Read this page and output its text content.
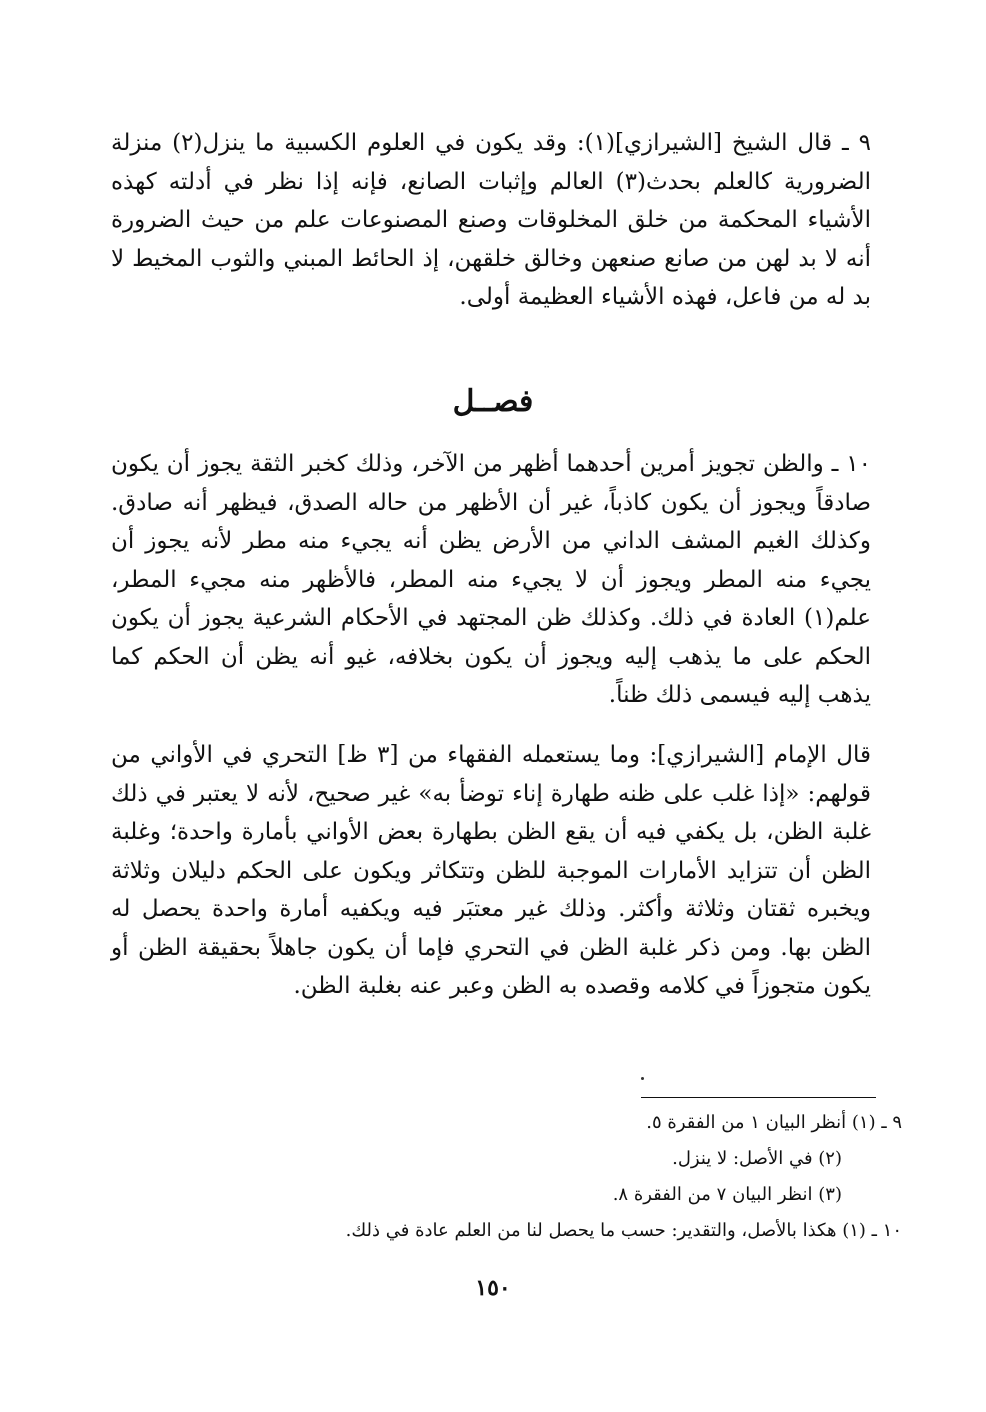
٩ ـ قال الشيخ [الشيرازي](١): وقد يكون في العلوم الكسبية ما ينزل(٢) منزلة الضرورية كالعلم بحدث(٣) العالم وإثبات الصانع، فإنه إذا نظر في أدلته كهذه الأشياء المحكمة من خلق المخلوقات وصنع المصنوعات علم من حيث الضرورة أنه لا بد لهن من صانع صنعهن وخالق خلقهن، إذ الحائط المبني والثوب المخيط لا بد له من فاعل، فهذه الأشياء العظيمة أولى.

فصــل

١٠ ـ والظن تجويز أمرين أحدهما أظهر من الآخر، وذلك كخبر الثقة يجوز أن يكون صادقاً ويجوز أن يكون كاذباً، غير أن الأظهر من حاله الصدق، فيظهر أنه صادق. وكذلك الغيم المشف الداني من الأرض يظن أنه يجيء منه مطر لأنه يجوز أن يجيء منه المطر ويجوز أن لا يجيء منه المطر، فالأظهر منه مجيء المطر، علم(١) العادة في ذلك. وكذلك ظن المجتهد في الأحكام الشرعية يجوز أن يكون الحكم على ما يذهب إليه ويجوز أن يكون بخلافه، غيو أنه يظن أن الحكم كما يذهب إليه فيسمى ذلك ظناً.

قال الإمام [الشيرازي]: وما يستعمله الفقهاء من [٣ ظ] التحري في الأواني من قولهم: «إذا غلب على ظنه طهارة إناء توضأ به» غير صحيح، لأنه لا يعتبر في ذلك غلبة الظن، بل يكفي فيه أن يقع الظن بطهارة بعض الأواني بأمارة واحدة؛ وغلبة الظن أن تتزايد الأمارات الموجبة للظن وتتكاثر ويكون على الحكم دليلان وثلاثة ويخبره ثقتان وثلاثة وأكثر. وذلك غير معتبَر فيه ويكفيه أمارة واحدة يحصل له الظن بها. ومن ذكر غلبة الظن في التحري فإما أن يكون جاهلاً بحقيقة الظن أو يكون متجوزاً في كلامه وقصده به الظن وعبر عنه بغلبة الظن.

٩ ـ (١) أنظر البيان ١ من الفقرة ٥.

(٢) في الأصل: لا ينزل.

(٣) انظر البيان ٧ من الفقرة ٨.

١٠ ـ (١) هكذا بالأصل، والتقدير: حسب ما يحصل لنا من العلم عادة في ذلك.

١٥٠
